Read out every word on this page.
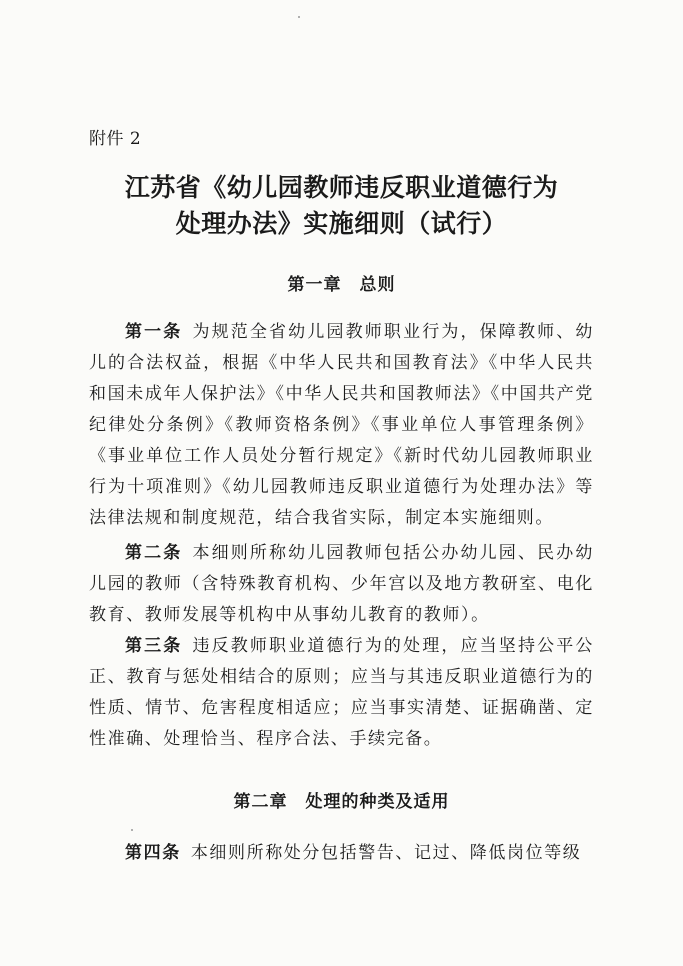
附件 2
江苏省《幼儿园教师违反职业道德行为
处理办法》实施细则（试行）
第一章 总则
第一条 为规范全省幼儿园教师职业行为，保障教师、幼儿的合法权益，根据《中华人民共和国教育法》《中华人民共和国未成年人保护法》《中华人民共和国教师法》《中国共产党纪律处分条例》《教师资格条例》《事业单位人事管理条例》《事业单位工作人员处分暂行规定》《新时代幼儿园教师职业行为十项准则》《幼儿园教师违反职业道德行为处理办法》等法律法规和制度规范，结合我省实际，制定本实施细则。
第二条 本细则所称幼儿园教师包括公办幼儿园、民办幼儿园的教师（含特殊教育机构、少年宫以及地方教研室、电化教育、教师发展等机构中从事幼儿教育的教师）。
第三条 违反教师职业道德行为的处理，应当坚持公平公正、教育与惩处相结合的原则；应当与其违反职业道德行为的性质、情节、危害程度相适应；应当事实清楚、证据确凿、定性准确、处理恰当、程序合法、手续完备。
第二章 处理的种类及适用
第四条 本细则所称处分包括警告、记过、降低岗位等级
